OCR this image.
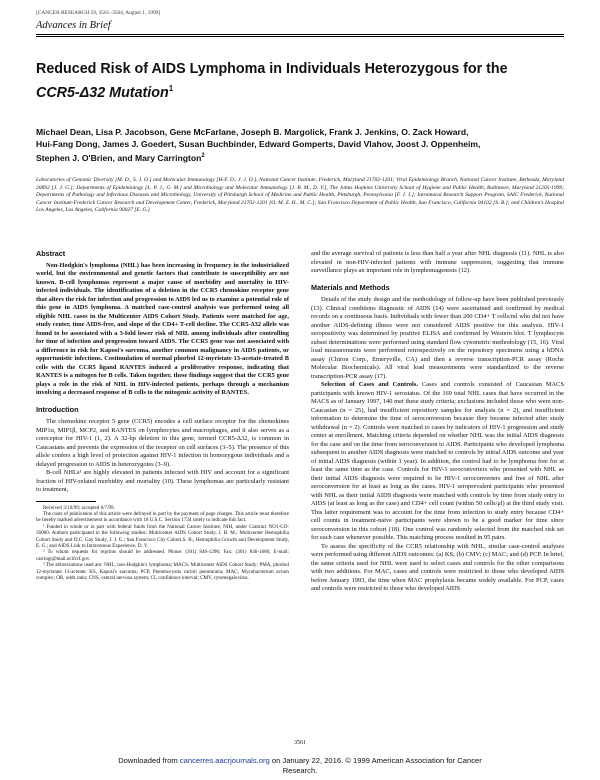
[CANCER RESEARCH 59, 3561–3564, August 1, 1999]
Advances in Brief
Reduced Risk of AIDS Lymphoma in Individuals Heterozygous for the
CCR5-Δ32 Mutation$^1$
Michael Dean, Lisa P. Jacobson, Gene McFarlane, Joseph B. Margolick, Frank J. Jenkins, O. Zack Howard,
Hui-Fang Dong, James J. Goedert, Susan Buchbinder, Edward Gomperts, David Vlahov, Joost J. Oppenheim,
Stephen J. O'Brien, and Mary Carrington$^2$
Laboratories of Genomic Diversity [M. D., S. J. O.] and Molecular Immunology [H-F. D., J. J. O.], National Cancer Institute, Frederick, Maryland 21702-1201; Viral Epidemiology Branch, National Cancer Institute, Bethesda, Maryland 20892 [J. J. G.]; Departments of Epidemiology [L. P. J., G. M.] and Microbiology and Molecular Immunology [J. B. M., D. V.], The Johns Hopkins University School of Hygiene and Public Health, Baltimore, Maryland 21205-1999; Departments of Pathology and Infectious Diseases and Microbiology, University of Pittsburgh School of Medicine and Public Health, Pittsburgh, Pennsylvania [F. J. J.]; Intramural Research Support Program, SAIC Frederick, National Cancer Institute-Frederick Cancer Research and Development Center, Frederick, Maryland 21702-1201 [O. M. Z. H., M. C.]; San Francisco Department of Public Health, San Francisco, California 94102 [S. B.]; and Children's Hospital Los Angeles, Los Angeles, California 90027 [E. G.]
Abstract

Non-Hodgkin's lymphoma (NHL) has been increasing in frequency in the industrialized world, but the environmental and genetic factors that contribute to susceptibility are not known. B-cell lymphomas represent a major cause of morbidity and mortality in HIV-infected individuals. The identification of a deletion in the CCR5 chemokine receptor gene that alters the risk for infection and progression to AIDS led us to examine a potential role of this gene in AIDS lymphoma. A matched case-control analysis was performed using all eligible NHL cases in the Multicenter AIDS Cohort Study. Patients were matched for age, study center, time AIDS-free, and slope of the CD4+ T-cell decline. The CCR5-Δ32 allele was found to be associated with a 3-fold lower risk of NHL among individuals after controlling for time of infection and progression toward AIDS. The CCR5 gene was not associated with a difference in risk for Kaposi's sarcoma, another common malignancy in AIDS patients, or opportunistic infections. Costimulation of normal phorbol 12-myristate 13-acetate-treated B cells with the CCR5 ligand RANTES induced a proliferative response, indicating that RANTES is a mitogen for B cells. Taken together, these findings suggest that the CCR5 gene plays a role in the risk of NHL in HIV-infected patients, perhaps through a mechanism involving a decreased response of B cells to the mitogenic activity of RANTES.

Introduction

The chemokine receptor 5 gene (CCR5) encodes a cell surface receptor for the chemokines MIP1α, MIP1β, MCP2, and RANTES on lymphocytes and macrophages, and it also serves as a coreceptor for HIV-1 (1, 2). A 32-bp deletion in this gene, termed CCR5-Δ32, is common in Caucasians and prevents the expression of the receptor on cell surfaces (3–5). The presence of this allele confers a high level of protection against HIV-1 infection in homozygous individuals and a delayed progression to AIDS in heterozygotes (3–9).

B-cell NHLs³ are highly elevated in patients infected with HIV and account for a significant fraction of HIV-related morbidity and mortality (10). These lymphomas are particularly resistant to treatment,

Received 3/16/99; accepted 6/7/99.
The costs of publication of this article were defrayed in part by the payment of page charges. This article must therefore be hereby marked advertisement in accordance with 18 U.S.C. Section 1734 solely to indicate this fact.
¹ Funded in whole or in part with federal funds from the National Cancer Institute, NIH, under Contract NO1-CO-56000. Authors participated in the following studies: Multicenter AIDS Cohort Study, J. B. M.; Multicenter Hemophilia Cohort Study and D.C. Gay Study, J. J. G.; San Francisco City Cohort,S. B.; Hemophilia Growth and Development Study, E. G.; and AIDS Link to Intravenous Experience, D. V.
² To whom requests for reprints should be addressed. Phone: (301) 846-1296; Fax: (301) 846-1686; E-mail: carringt@mail.ncifcrf.gov.
³ The abbreviations used are: NHL, non-Hodgkin's lymphoma; MACS, Multicenter AIDS Cohort Study; PMA, phorbol 12-myristate 13-acetate; KS, Kaposi's sarcoma; PCP, Pneumocystis carinii pneumonia; MAC, Mycobacterium avium complex; OR, odds ratio; CNS, central nervous system; CI, confidence interval; CMV, cytomegalovirus.

and the average survival of patients is less than half a year after NHL diagnosis (11). NHL is also elevated in non-HIV-infected patients with immune suppression, suggesting that immune surveillance plays an important role in lymphomagenesis (12).

Materials and Methods

Details of the study design and the methodology of follow-up have been published previously (13). Clinical conditions diagnostic of AIDS (14) were ascertained and confirmed by medical records on a continuous basis. Individuals with fewer than 200 CD4+ T cells/ml who did not have another AIDS-defining illness were not considered AIDS positive for this analysis. HIV-1 seropositivity was determined by positive ELISA and confirmed by Western blot. T lymphocyte subset determinations were performed using standard flow cytometric methodology (15, 16). Viral load measurements were performed retrospectively on the repository specimens using a bDNA assay (Chiron Corp., Emeryville, CA) and then a reverse transcription-PCR assay (Roche Molecular Biochemicals). All viral load measurements were standardized to the reverse transcription-PCR assay (17).

Selection of Cases and Controls. Cases and controls consisted of Caucasian MACS participants with known HIV-1 serostatus. Of the 169 total NHL cases that have occurred in the MACS as of January 1997, 140 met these study criteria; exclusions included those who were non-Caucasian (n = 25), had insufficient repository samples for analysis (n = 2), and insufficient information to determine the time of seroconversion because they became infected after study withdrawal (n = 2). Controls were matched to cases by indicators of HIV-1 progression and study center at enrollment. Matching criteria depended on whether NHL was the initial AIDS diagnosis for the case and on the time from seroconversion to AIDS. Participants who developed lymphoma subsequent to another AIDS diagnosis were matched to controls by initial AIDS outcome and year of initial AIDS diagnosis (within 1 year). In addition, the control had to be lymphoma free for at least the same time as the case. Controls for HIV-1 seroconverters who presented with NHL as their initial AIDS diagnosis were required to be HIV-1 seroconverters and free of NHL after seroconversion for at least as long as the cases. HIV-1 seroprevalent participants who presented with NHL as their initial AIDS diagnosis were matched with controls by time from study entry to AIDS (at least as long as the case) and CD4+ cell count (within 50 cells/μl) at the third study visit. This latter requirement was to account for the time from infection to study entry because CD4+ cell counts in treatment-naive participants were shown to be a good marker for time since seroconversion in this cohort (18). One control was randomly selected from the matched risk set for each case whenever possible. This matching process resulted in 95 pairs.

To assess the specificity of the CCR5 relationship with NHL, similar case-control analyses were performed using different AIDS outcomes: (a) KS; (b) CMV; (c) MAC; and (d) PCP. In brief, the same criteria used for NHL were used to select cases and controls for the other comparisons with two additions. For MAC, cases and controls were restricted to those who developed AIDS before January 1993, the time when MAC prophylaxis became widely available. For PCP, cases and controls were restricted to those who developed AIDS

3561
Downloaded from cancerres.aacrjournals.org on January 22, 2016. © 1999 American Association for Cancer
Research.
